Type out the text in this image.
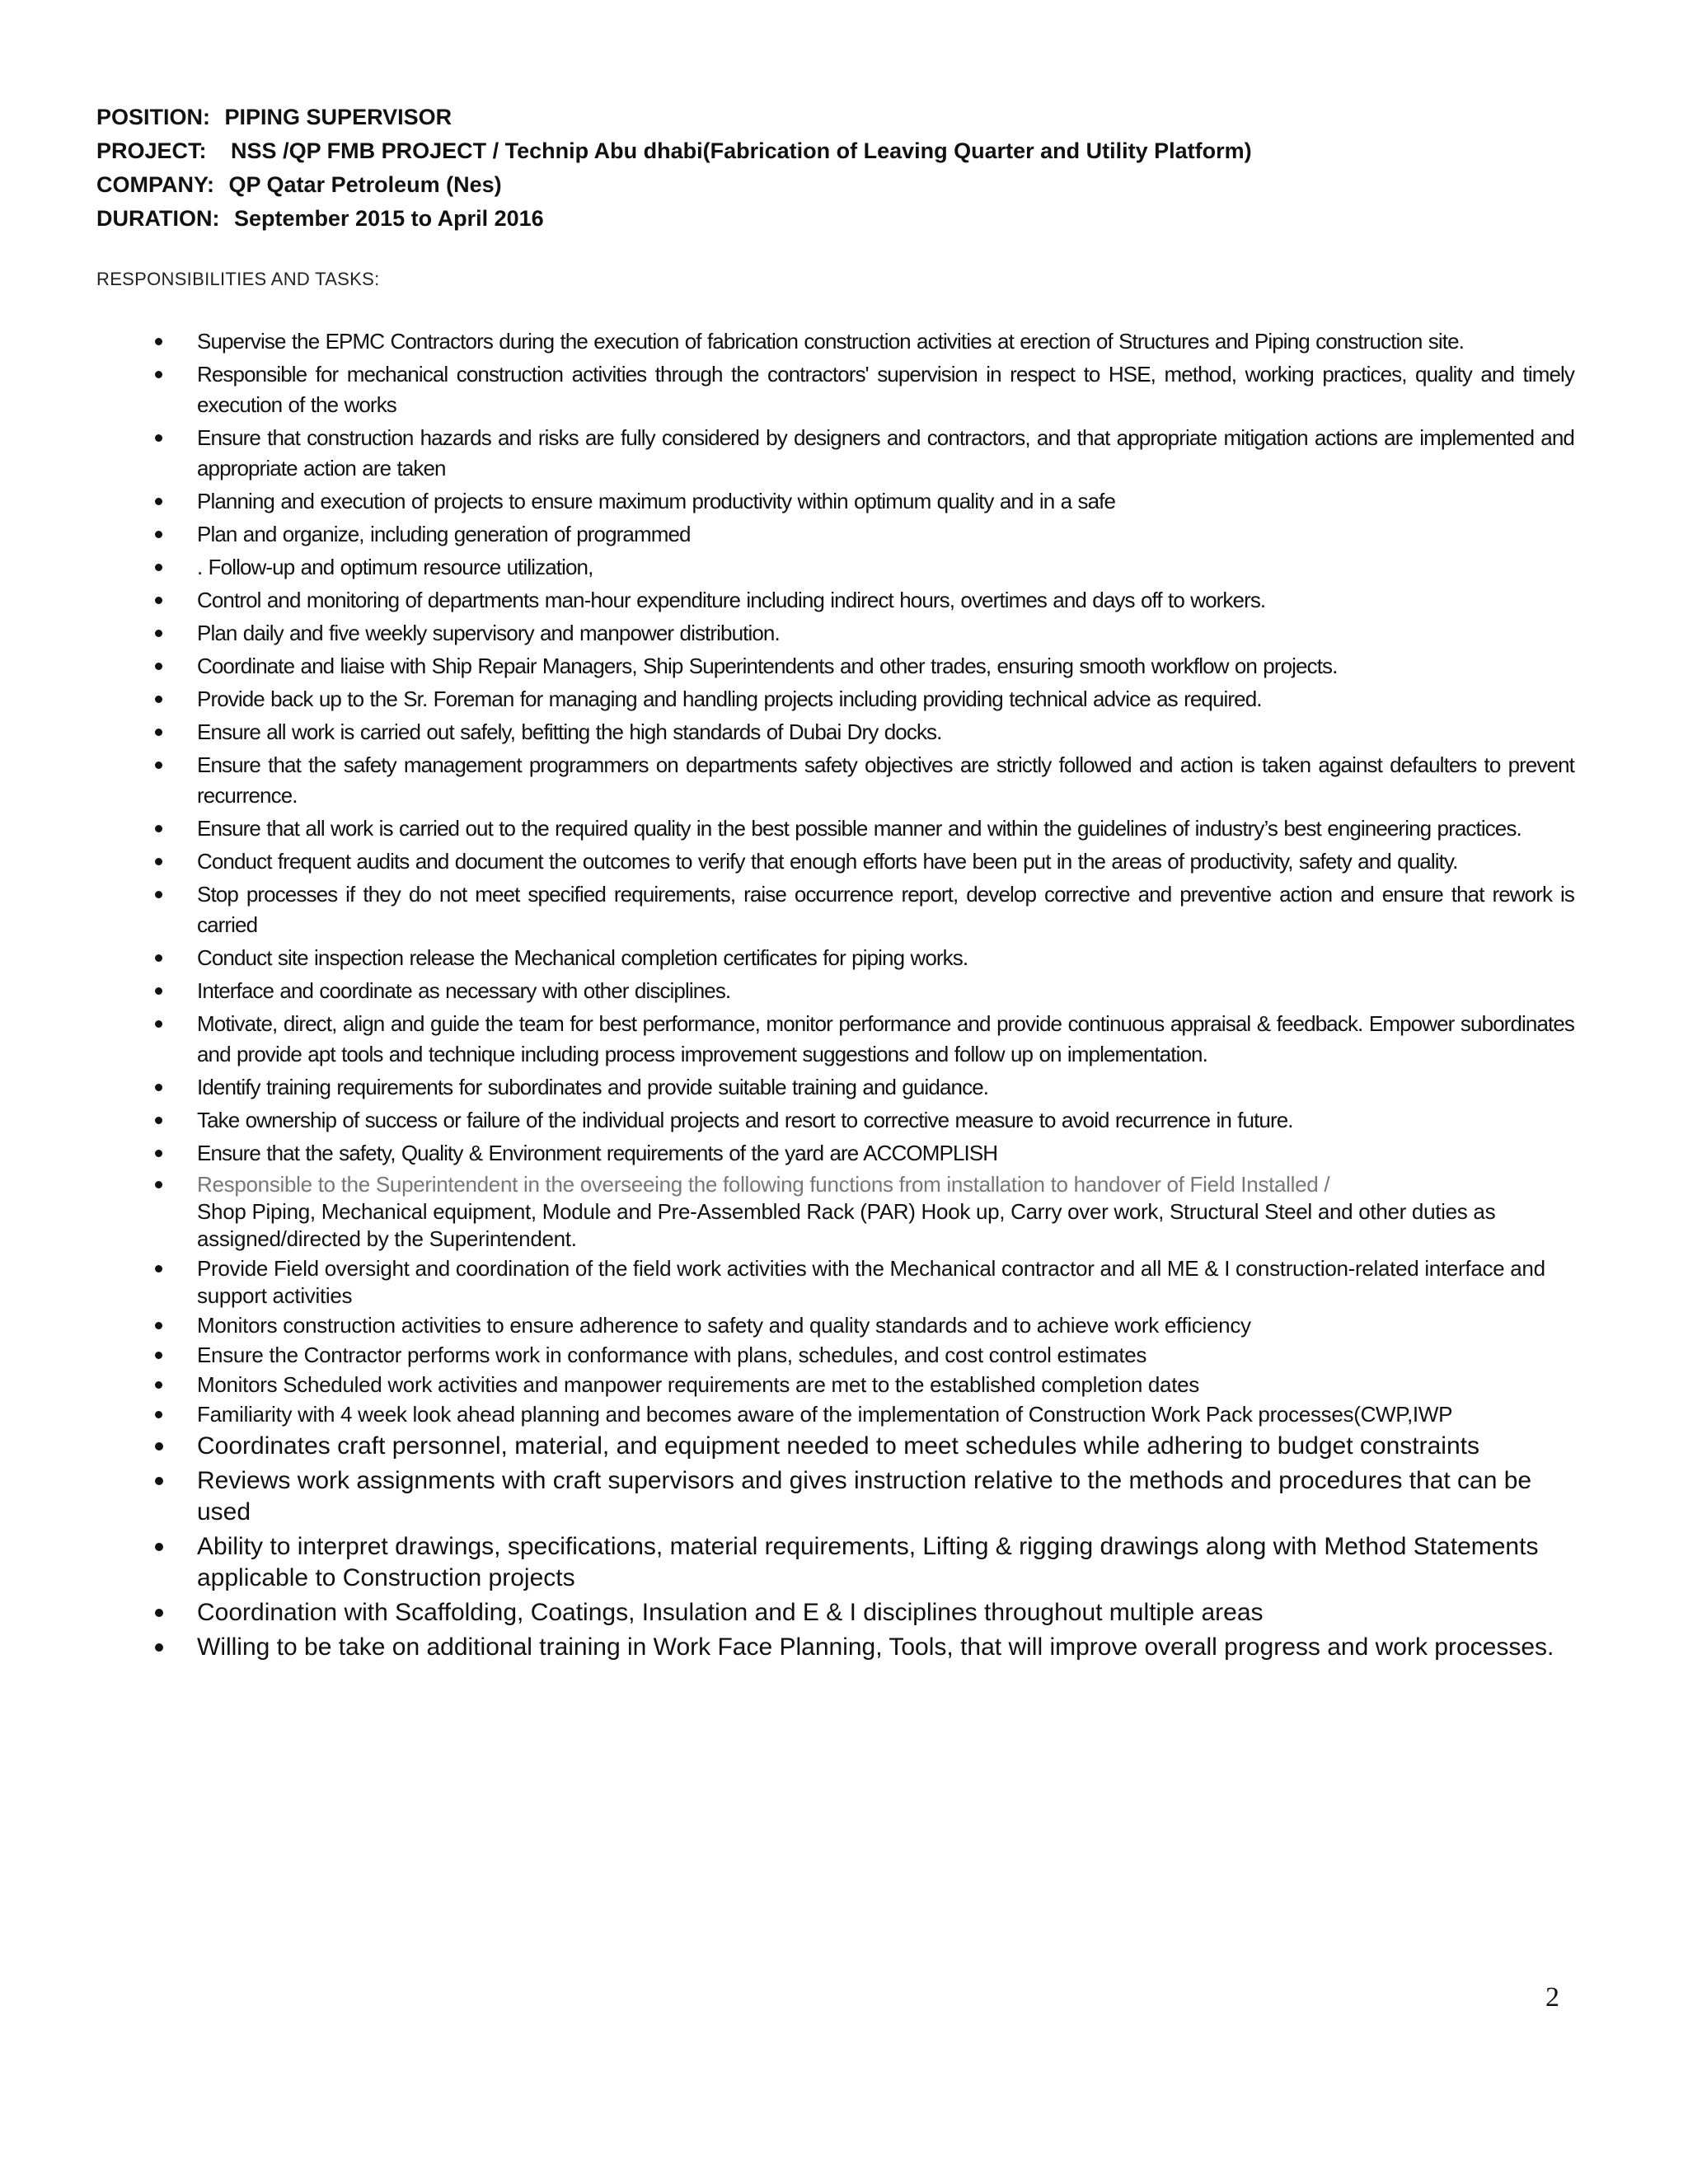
POSITION: PIPING SUPERVISOR
PROJECT: NSS /QP FMB PROJECT / Technip Abu dhabi(Fabrication of Leaving Quarter and Utility Platform)
COMPANY: QP Qatar Petroleum (Nes)
DURATION: September 2015 to April 2016
RESPONSIBILITIES AND TASKS:
Supervise the EPMC Contractors during the execution of fabrication construction activities at erection of Structures and Piping construction site.
Responsible for mechanical construction activities through the contractors' supervision in respect to HSE, method, working practices, quality and timely execution of the works
Ensure that construction hazards and risks are fully considered by designers and contractors, and that appropriate mitigation actions are implemented and appropriate action are taken
Planning and execution of projects to ensure maximum productivity within optimum quality and in a safe
Plan and organize, including generation of programmed
. Follow-up and optimum resource utilization,
Control and monitoring of departments man-hour expenditure including indirect hours, overtimes and days off to workers.
Plan daily and five weekly supervisory and manpower distribution.
Coordinate and liaise with Ship Repair Managers, Ship Superintendents and other trades, ensuring smooth workflow on projects.
Provide back up to the Sr. Foreman for managing and handling projects including providing technical advice as required.
Ensure all work is carried out safely, befitting the high standards of Dubai Dry docks.
Ensure that the safety management programmers on departments safety objectives are strictly followed and action is taken against defaulters to prevent recurrence.
Ensure that all work is carried out to the required quality in the best possible manner and within the guidelines of industry’s best engineering practices.
Conduct frequent audits and document the outcomes to verify that enough efforts have been put in the areas of productivity, safety and quality.
Stop processes if they do not meet specified requirements, raise occurrence report, develop corrective and preventive action and ensure that rework is carried
Conduct site inspection release the Mechanical completion certificates for piping works.
Interface and coordinate as necessary with other disciplines.
Motivate, direct, align and guide the team for best performance, monitor performance and provide continuous appraisal & feedback. Empower subordinates and provide apt tools and technique including process improvement suggestions and follow up on implementation.
Identify training requirements for subordinates and provide suitable training and guidance.
Take ownership of success or failure of the individual projects and resort to corrective measure to avoid recurrence in future.
Ensure that the safety, Quality & Environment requirements of the yard are ACCOMPLISH
Responsible to the Superintendent in the overseeing the following functions from installation to handover of Field Installed /
Shop Piping, Mechanical equipment, Module and Pre-Assembled Rack (PAR) Hook up, Carry over work, Structural Steel and other duties as assigned/directed by the Superintendent.
Provide Field oversight and coordination of the field work activities with the Mechanical contractor and all ME & I construction-related interface and support activities
Monitors construction activities to ensure adherence to safety and quality standards and to achieve work efficiency
Ensure the Contractor performs work in conformance with plans, schedules, and cost control estimates
Monitors Scheduled work activities and manpower requirements are met to the established completion dates
Familiarity with 4 week look ahead planning and becomes aware of the implementation of Construction Work Pack processes(CWP,IWP
Coordinates craft personnel, material, and equipment needed to meet schedules while adhering to budget constraints
Reviews work assignments with craft supervisors and gives instruction relative to the methods and procedures that can be used
Ability to interpret drawings, specifications, material requirements, Lifting & rigging drawings along with Method Statements applicable to Construction projects
Coordination with Scaffolding, Coatings, Insulation and E & I disciplines throughout multiple areas
Willing to be take on additional training in Work Face Planning, Tools, that will improve overall progress and work processes.
2
